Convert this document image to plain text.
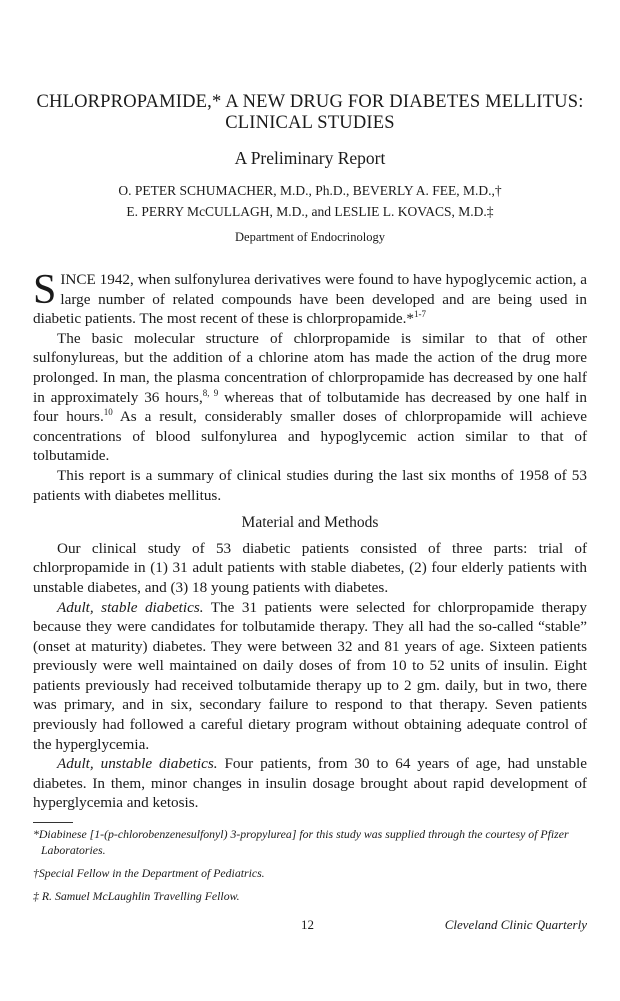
CHLORPROPAMIDE,* A NEW DRUG FOR DIABETES MELLITUS:
CLINICAL STUDIES
A Preliminary Report
O. PETER SCHUMACHER, M.D., Ph.D., BEVERLY A. FEE, M.D.,†
E. PERRY McCULLAGH, M.D., and LESLIE L. KOVACS, M.D.‡
Department of Endocrinology

SINCE 1942, when sulfonylurea derivatives were found to have hypoglycemic action, a large number of related compounds have been developed and are being used in diabetic patients. The most recent of these is chlorpropamide.*$^{1-7}$

The basic molecular structure of chlorpropamide is similar to that of other sulfonylureas, but the addition of a chlorine atom has made the action of the drug more prolonged. In man, the plasma concentration of chlorpropamide has decreased by one half in approximately 36 hours,$^{8, 9}$ whereas that of tolbutamide has decreased by one half in four hours.$^{10}$ As a result, considerably smaller doses of chlorpropamide will achieve concentrations of blood sulfonylurea and hypoglycemic action similar to that of tolbutamide.

This report is a summary of clinical studies during the last six months of 1958 of 53 patients with diabetes mellitus.

Material and Methods

Our clinical study of 53 diabetic patients consisted of three parts: trial of chlorpropamide in (1) 31 adult patients with stable diabetes, (2) four elderly patients with unstable diabetes, and (3) 18 young patients with diabetes.

Adult, stable diabetics. The 31 patients were selected for chlorpropamide therapy because they were candidates for tolbutamide therapy. They all had the so-called “stable” (onset at maturity) diabetes. They were between 32 and 81 years of age. Sixteen patients previously were well maintained on daily doses of from 10 to 52 units of insulin. Eight patients previously had received tolbutamide therapy up to 2 gm. daily, but in two, there was primary, and in six, secondary failure to respond to that therapy. Seven patients previously had followed a careful dietary program without obtaining adequate control of the hyperglycemia.

Adult, unstable diabetics. Four patients, from 30 to 64 years of age, had unstable diabetes. In them, minor changes in insulin dosage brought about rapid development of hyperglycemia and ketosis.

*Diabinese [1-(p-chlorobenzenesulfonyl) 3-propylurea] for this study was supplied through the courtesy of Pfizer Laboratories.
†Special Fellow in the Department of Pediatrics.
‡ R. Samuel McLaughlin Travelling Fellow.
12	Cleveland Clinic Quarterly
